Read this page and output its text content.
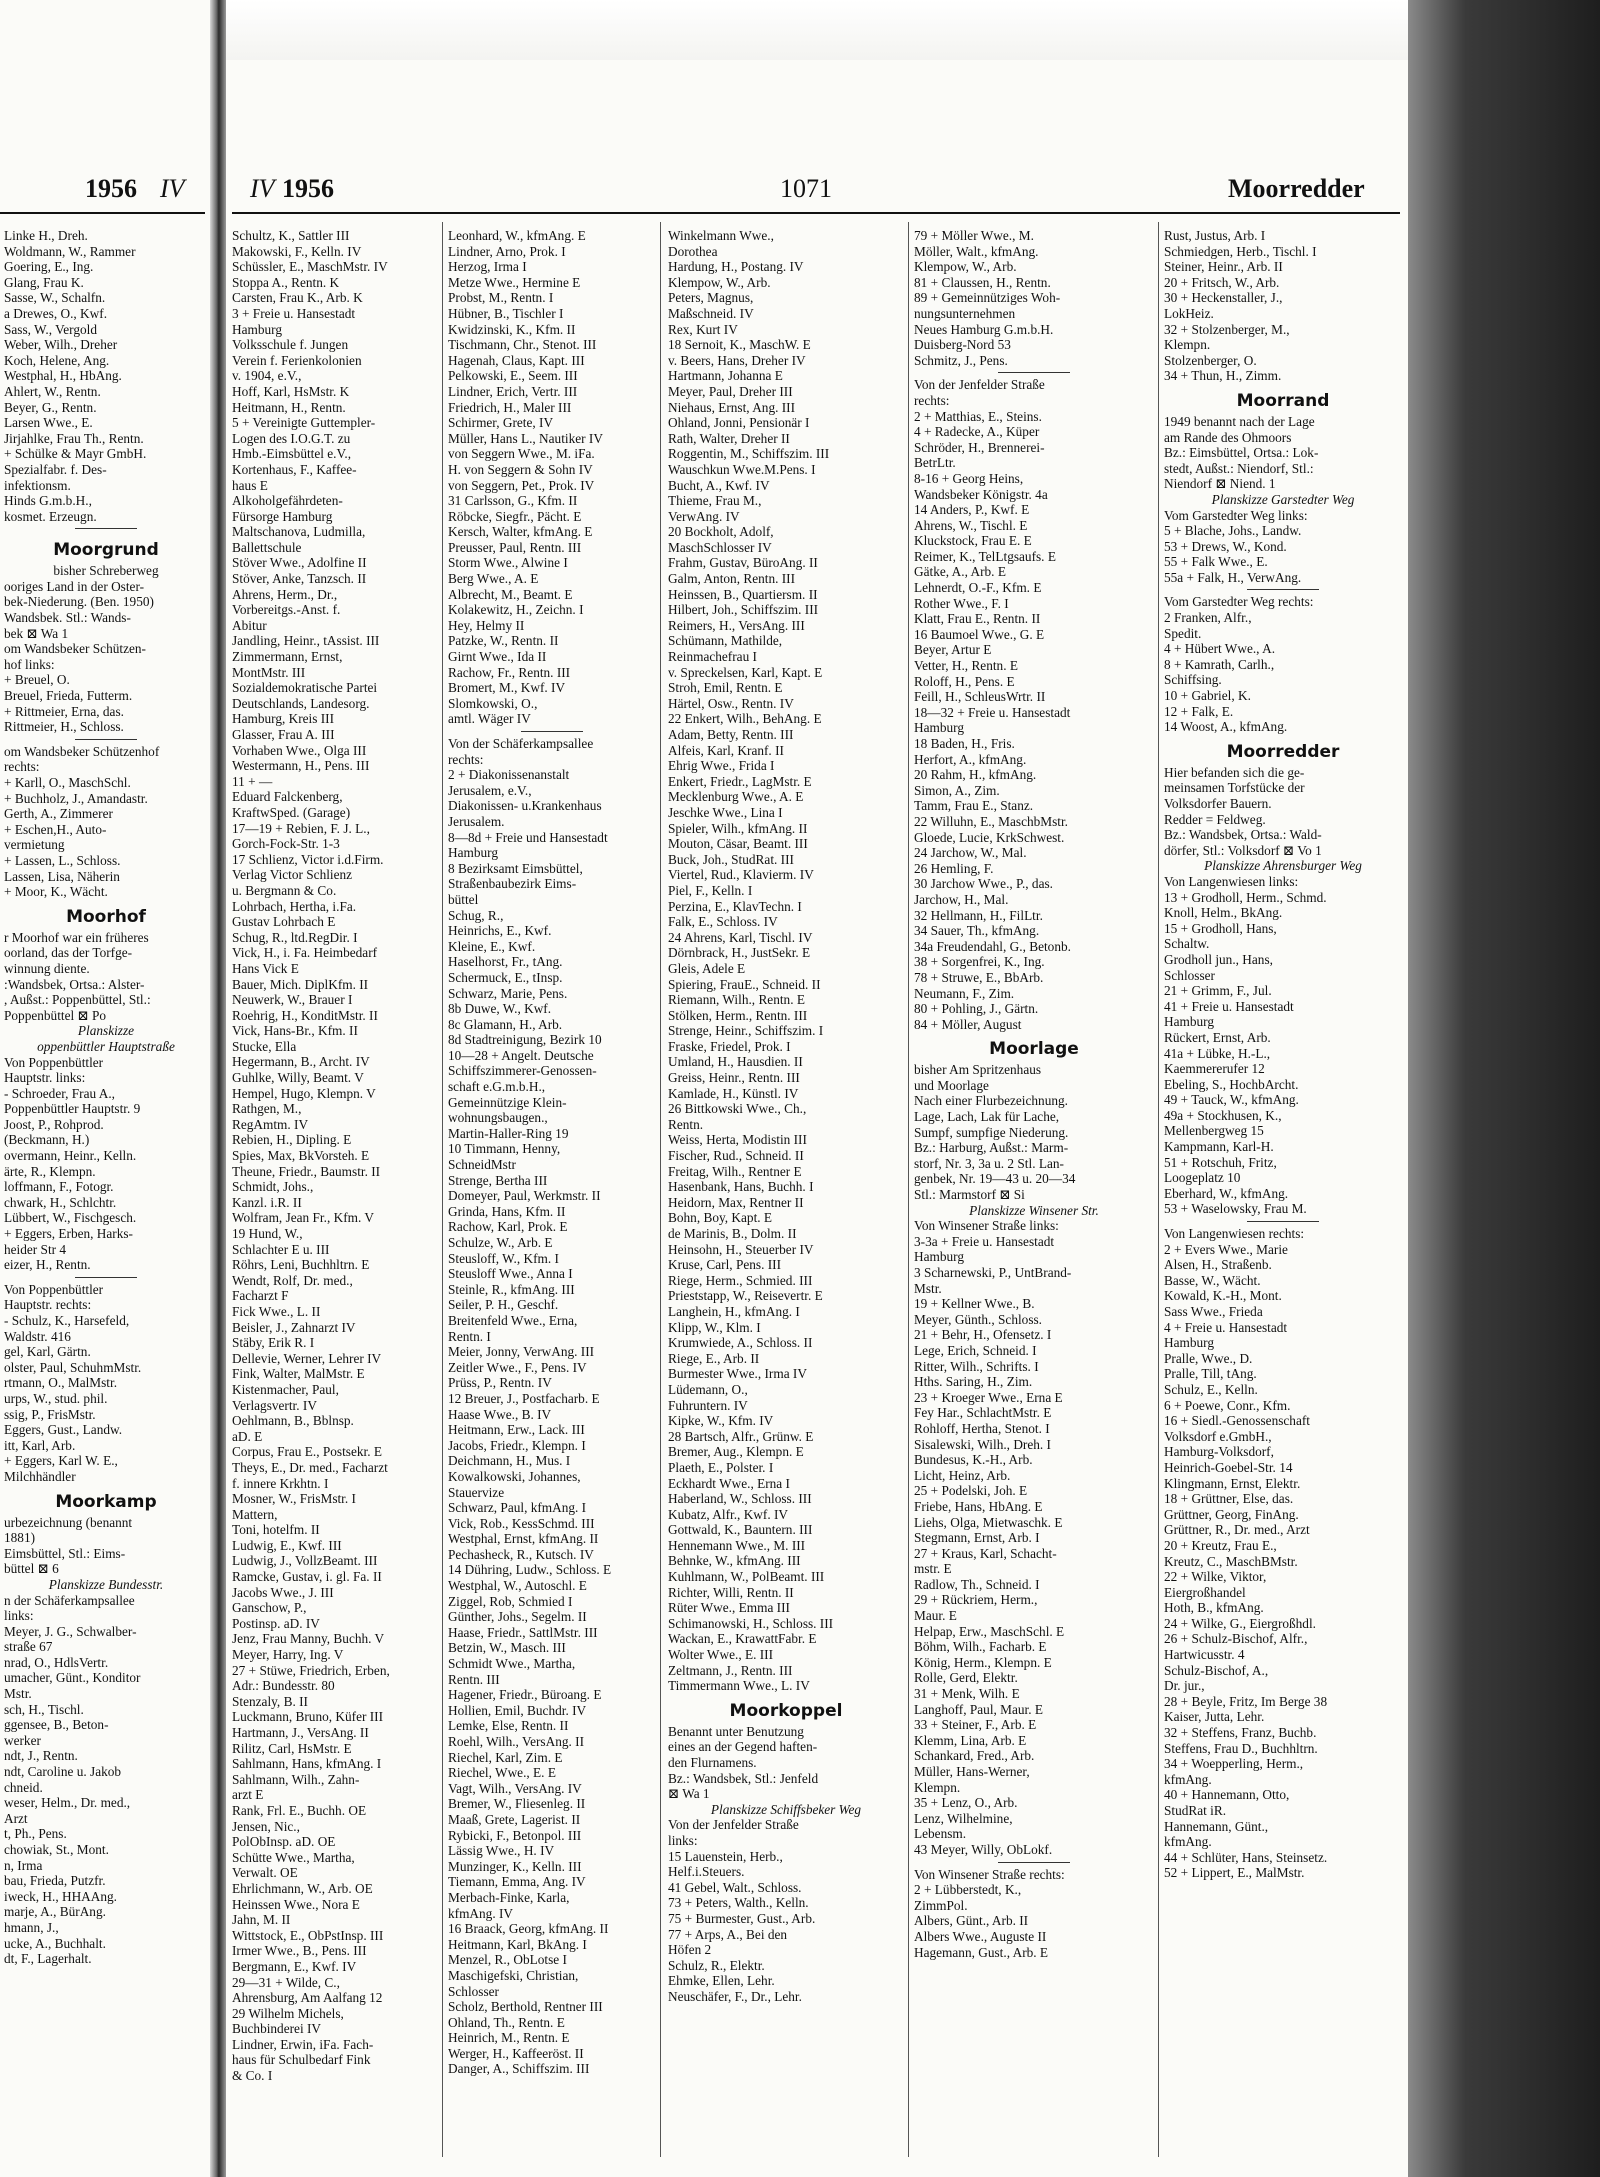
1956 IV
Linke H., Dreh.
Woldmann, W., Rammer
Goering, E., Ing.
Glang, Frau K.
Sasse, W., Schalfn.
a Drewes, O., Kwf.
Sass, W., Vergold
Weber, Wilh., Dreher
Koch, Helene, Ang.
Westphal, H., HbAng.
Ahlert, W., Rentn.
Beyer, G., Rentn.
Larsen Wwe., E.
Jirjahlke, Frau Th., Rentn.
+ Schülke & Mayr GmbH.
Spezialfabr. f. Des-
infektionsm.
Hinds G.m.b.H.,
kosmet. Erzeugn.
Moorgrund
bisher Schreberweg
ooriges Land in der Oster-
bek-Niederung. (Ben. 1950)
Wandsbek. Stl.: Wands-
bek ⊠ Wa 1
om Wandsbeker Schützen-
hof links:
+ Breuel, O.
Breuel, Frieda, Futterm.
+ Rittmeier, Erna, das.
Rittmeier, H., Schloss.
om Wandsbeker Schützenhof
rechts:
+ Karll, O., MaschSchl.
+ Buchholz, J., Amandastr.
Gerth, A., Zimmerer
+ Eschen,H., Auto-
vermietung
+ Lassen, L., Schloss.
Lassen, Lisa, Näherin
+ Moor, K., Wächt.
Moorhof
r Moorhof war ein früheres
oorland, das der Torfge-
winnung diente.
:Wandsbek, Ortsa.: Alster-
, Außst.: Poppenbüttel, Stl.:
Poppenbüttel ⊠ Po
Planskizze
oppenbüttler Hauptstraße
Von Poppenbüttler
Hauptstr. links:
- Schroeder, Frau A.,
Poppenbüttler Hauptstr. 9
Joost, P., Rohprod.
(Beckmann, H.)
overmann, Heinr., Kelln.
ärte, R., Klempn.
loffmann, F., Fotogr.
chwark, H., Schlchtr.
Lübbert, W., Fischgesch.
+ Eggers, Erben, Harks-
heider Str 4
eizer, H., Rentn.
Von Poppenbüttler
Hauptstr. rechts:
- Schulz, K., Harsefeld,
Waldstr. 416
gel, Karl, Gärtn.
olster, Paul, SchuhmMstr.
rtmann, O., MalMstr.
urps, W., stud. phil.
ssig, P., FrisMstr.
Eggers, Gust., Landw.
itt, Karl, Arb.
+ Eggers, Karl W. E.,
Milchhändler
Moorkamp
urbezeichnung (benannt
1881)
Eimsbüttel, Stl.: Eims-
büttel ⊠ 6
Planskizze Bundesstr.
n der Schäferkampsallee
links:
Meyer, J. G., Schwalber-
straße 67
nrad, O., HdlsVertr.
umacher, Günt., Konditor
Mstr.
sch, H., Tischl.
ggensee, B., Beton-
werker
ndt, J., Rentn.
ndt, Caroline u. Jakob
chneid.
weser, Helm., Dr. med.,
Arzt
t, Ph., Pens.
chowiak, St., Mont.
n, Irma
bau, Frieda, Putzfr.
iweck, H., HHAAng.
marje, A., BürAng.
hmann, J.,
ucke, A., Buchhalt.
dt, F., Lagerhalt.
IV 1956	1071	Moorredder
Schultz, K., Sattler III
Makowski, F., Kelln. IV
Schüssler, E., MaschMstr. IV
Stoppa A., Rentn. K
Carsten, Frau K., Arb. K
3 + Freie u. Hansestadt
Hamburg
Volksschule f. Jungen
Verein f. Ferienkolonien
v. 1904, e.V.,
Hoff, Karl, HsMstr. K
Heitmann, H., Rentn.
5 + Vereinigte Guttempler-
Logen des I.O.G.T. zu
Hmb.-Eimsbüttel e.V.,
Kortenhaus, F., Kaffee-
haus E
Alkoholgefährdeten-
Fürsorge Hamburg
Maltschanova, Ludmilla,
Ballettschule
Stöver Wwe., Adolfine II
Stöver, Anke, Tanzsch. II
Ahrens, Herm., Dr.,
Vorbereitgs.-Anst. f.
Abitur
Jandling, Heinr., tAssist. III
Zimmermann, Ernst,
MontMstr. III
Sozialdemokratische Partei
Deutschlands, Landesorg.
Hamburg, Kreis III
Glasser, Frau A. III
Vorhaben Wwe., Olga III
Westermann, H., Pens. III
11 + —
Eduard Falckenberg,
KraftwSped. (Garage)
17—19 + Rebien, F. J. L.,
Gorch-Fock-Str. 1-3
17 Schlienz, Victor i.d.Firm.
Verlag Victor Schlienz
u. Bergmann & Co.
Lohrbach, Hertha, i.Fa.
Gustav Lohrbach E
Schug, R., ltd.RegDir. I
Vick, H., i. Fa. Heimbedarf
Hans Vick E
Bauer, Mich. DiplKfm. II
Neuwerk, W., Brauer I
Roehrig, H., KonditMstr. II
Vick, Hans-Br., Kfm. II
Stucke, Ella
Hegermann, B., Archt. IV
Guhlke, Willy, Beamt. V
Hempel, Hugo, Klempn. V
Rathgen, M.,
RegAmtm. IV
Rebien, H., Dipling. E
Spies, Max, BkVorsteh. E
Theune, Friedr., Baumstr. II
Schmidt, Johs.,
Kanzl. i.R. II
Wolfram, Jean Fr., Kfm. V
19 Hund, W.,
Schlachter E u. III
Röhrs, Leni, Buchhltrn. E
Wendt, Rolf, Dr. med.,
Facharzt F
Fick Wwe., L. II
Beisler, J., Zahnarzt IV
Stäby, Erik R. I
Dellevie, Werner, Lehrer IV
Fink, Walter, MalMstr. E
Kistenmacher, Paul,
Verlagsvertr. IV
Oehlmann, B., Bblnsp.
aD. E
Corpus, Frau E., Postsekr. E
Theys, E., Dr. med., Facharzt
f. innere Krkhtn. I
Mosner, W., FrisMstr. I
Mattern,
Toni, hotelfm. II
Ludwig, E., Kwf. III
Ludwig, J., VollzBeamt. III
Ramcke, Gustav, i. gl. Fa. II
Jacobs Wwe., J. III
Ganschow, P.,
Postinsp. aD. IV
Jenz, Frau Manny, Buchh. V
Meyer, Harry, Ing. V
27 + Stüwe, Friedrich, Erben,
Adr.: Bundesstr. 80
Stenzaly, B. II
Luckmann, Bruno, Küfer III
Hartmann, J., VersAng. II
Rilitz, Carl, HsMstr. E
Sahlmann, Hans, kfmAng. I
Sahlmann, Wilh., Zahn-
arzt E
Rank, Frl. E., Buchh. OE
Jensen, Nic.,
PolObInsp. aD. OE
Schütte Wwe., Martha,
Verwalt. OE
Ehrlichmann, W., Arb. OE
Heinssen Wwe., Nora E
Jahn, M. II
Wittstock, E., ObPstInsp. III
Irmer Wwe., B., Pens. III
Bergmann, E., Kwf. IV
29—31 + Wilde, C.,
Ahrensburg, Am Aalfang 12
29 Wilhelm Michels,
Buchbinderei IV
Lindner, Erwin, iFa. Fach-
haus für Schulbedarf Fink
& Co. I
Leonhard, W., kfmAng. E
Lindner, Arno, Prok. I
Herzog, Irma I
Metze Wwe., Hermine E
Probst, M., Rentn. I
Hübner, B., Tischler I
Kwidzinski, K., Kfm. II
Tischmann, Chr., Stenot. III
Hagenah, Claus, Kapt. III
Pelkowski, E., Seem. III
Lindner, Erich, Vertr. III
Friedrich, H., Maler III
Schirmer, Grete, IV
Müller, Hans L., Nautiker IV
von Seggern Wwe., M. iFa.
H. von Seggern & Sohn IV
von Seggern, Pet., Prok. IV
31 Carlsson, G., Kfm. II
Röbcke, Siegfr., Pächt. E
Kersch, Walter, kfmAng. E
Preusser, Paul, Rentn. III
Storm Wwe., Alwine I
Berg Wwe., A. E
Albrecht, M., Beamt. E
Kolakewitz, H., Zeichn. I
Hey, Helmy II
Patzke, W., Rentn. II
Girnt Wwe., Ida II
Rachow, Fr., Rentn. III
Bromert, M., Kwf. IV
Slomkowski, O.,
amtl. Wäger IV
Von der Schäferkampsallee
rechts:
2 + Diakonissenanstalt
Jerusalem, e.V.,
Diakonissen- u.Krankenhaus
Jerusalem.
8—8d + Freie und Hansestadt
Hamburg
8 Bezirksamt Eimsbüttel,
Straßenbaubezirk Eims-
büttel
Schug, R.,
Heinrichs, E., Kwf.
Kleine, E., Kwf.
Haselhorst, Fr., tAng.
Schermuck, E., tInsp.
Schwarz, Marie, Pens.
8b Duwe, W., Kwf.
8c Glamann, H., Arb.
8d Stadtreinigung, Bezirk 10
10—28 + Angelt. Deutsche
Schiffszimmerer-Genossen-
schaft e.G.m.b.H.,
Gemeinnützige Klein-
wohnungsbaugen.,
Martin-Haller-Ring 19
10 Timmann, Henny,
SchneidMstr
Strenge, Bertha III
Domeyer, Paul, Werkmstr. II
Grinda, Hans, Kfm. II
Rachow, Karl, Prok. E
Schulze, W., Arb. E
Steusloff, W., Kfm. I
Steusloff Wwe., Anna I
Steinle, R., kfmAng. III
Seiler, P. H., Geschf.
Breitenfeld Wwe., Erna,
Rentn. I
Meier, Jonny, VerwAng. III
Zeitler Wwe., F., Pens. IV
Prüss, P., Rentn. IV
12 Breuer, J., Postfacharb. E
Haase Wwe., B. IV
Heitmann, Erw., Lack. III
Jacobs, Friedr., Klempn. I
Deichmann, H., Mus. I
Kowalkowski, Johannes,
Stauervize
Schwarz, Paul, kfmAng. I
Vick, Rob., KessSchmd. III
Westphal, Ernst, kfmAng. II
Pechasheck, R., Kutsch. IV
14 Dühring, Ludw., Schloss. E
Westphal, W., Autoschl. E
Ziggel, Rob, Schmied I
Günther, Johs., Segelm. II
Haase, Friedr., SattlMstr. III
Betzin, W., Masch. III
Schmidt Wwe., Martha,
Rentn. III
Hagener, Friedr., Büroang. E
Hollien, Emil, Buchdr. IV
Lemke, Else, Rentn. II
Roehl, Wilh., VersAng. II
Riechel, Karl, Zim. E
Riechel, Wwe., E. E
Vagt, Wilh., VersAng. IV
Bremer, W., Fliesenleg. II
Maaß, Grete, Lagerist. II
Rybicki, F., Betonpol. III
Lässig Wwe., H. IV
Munzinger, K., Kelln. III
Tiemann, Emma, Ang. IV
Merbach-Finke, Karla,
kfmAng. IV
16 Braack, Georg, kfmAng. II
Heitmann, Karl, BkAng. I
Menzel, R., ObLotse I
Maschigefski, Christian,
Schlosser
Scholz, Berthold, Rentner III
Ohland, Th., Rentn. E
Heinrich, M., Rentn. E
Werger, H., Kaffeeröst. II
Danger, A., Schiffszim. III
Winkelmann Wwe.,
Dorothea
Hardung, H., Postang. IV
Klempow, W., Arb.
Peters, Magnus,
Maßschneid. IV
Rex, Kurt IV
18 Sernoit, K., MaschW. E
v. Beers, Hans, Dreher IV
Hartmann, Johanna E
Meyer, Paul, Dreher III
Niehaus, Ernst, Ang. III
Ohland, Jonni, Pensionär I
Rath, Walter, Dreher II
Roggentin, M., Schiffszim. III
Wauschkun Wwe.M.Pens. I
Bucht, A., Kwf. IV
Thieme, Frau M.,
VerwAng. IV
20 Bockholt, Adolf,
MaschSchlosser IV
Frahm, Gustav, BüroAng. II
Galm, Anton, Rentn. III
Heinssen, B., Quartiersm. II
Hilbert, Joh., Schiffszim. III
Reimers, H., VersAng. III
Schümann, Mathilde,
Reinmachefrau I
v. Spreckelsen, Karl, Kapt. E
Stroh, Emil, Rentn. E
Härtel, Osw., Rentn. IV
22 Enkert, Wilh., BehAng. E
Adam, Betty, Rentn. III
Alfeis, Karl, Kranf. II
Ehrig Wwe., Frida I
Enkert, Friedr., LagMstr. E
Mecklenburg Wwe., A. E
Jeschke Wwe., Lina I
Spieler, Wilh., kfmAng. II
Mouton, Cäsar, Beamt. III
Buck, Joh., StudRat. III
Viertel, Rud., Klavierm. IV
Piel, F., Kelln. I
Perzina, E., KlavTechn. I
Falk, E., Schloss. IV
24 Ahrens, Karl, Tischl. IV
Dörnbrack, H., JustSekr. E
Gleis, Adele E
Spiering, FrauE., Schneid. II
Riemann, Wilh., Rentn. E
Stölken, Herm., Rentn. III
Strenge, Heinr., Schiffszim. I
Fraske, Friedel, Prok. I
Umland, H., Hausdien. II
Greiss, Heinr., Rentn. III
Kamlade, H., Künstl. IV
26 Bittkowski Wwe., Ch.,
Rentn.
Weiss, Herta, Modistin III
Fischer, Rud., Schneid. II
Freitag, Wilh., Rentner E
Hasenbank, Hans, Buchh. I
Heidorn, Max, Rentner II
Bohn, Boy, Kapt. E
de Marinis, B., Dolm. II
Heinsohn, H., Steuerber IV
Kruse, Carl, Pens. III
Riege, Herm., Schmied. III
Prieststapp, W., Reisevertr. E
Langhein, H., kfmAng. I
Klipp, W., Klm. I
Krumwiede, A., Schloss. II
Riege, E., Arb. II
Burmester Wwe., Irma IV
Lüdemann, O.,
Fuhruntern. IV
Kipke, W., Kfm. IV
28 Bartsch, Alfr., Grünw. E
Bremer, Aug., Klempn. E
Plaeth, E., Polster. I
Eckhardt Wwe., Erna I
Haberland, W., Schloss. III
Kubatz, Alfr., Kwf. IV
Gottwald, K., Bauntern. III
Hennemann Wwe., M. III
Behnke, W., kfmAng. III
Kuhlmann, W., PolBeamt. III
Richter, Willi, Rentn. II
Rüter Wwe., Emma III
Schimanowski, H., Schloss. III
Wackan, E., KrawattFabr. E
Wolter Wwe., E. III
Zeltmann, J., Rentn. III
Timmermann Wwe., L. IV
Moorkoppel
Benannt unter Benutzung
eines an der Gegend haften-
den Flurnamens.
Bz.: Wandsbek, Stl.: Jenfeld
⊠ Wa 1
Planskizze Schiffsbeker Weg
Von der Jenfelder Straße
links:
15 Lauenstein, Herb.,
Helf.i.Steuers.
41 Gebel, Walt., Schloss.
73 + Peters, Walth., Kelln.
75 + Burmester, Gust., Arb.
77 + Arps, A., Bei den
Höfen 2
Schulz, R., Elektr.
Ehmke, Ellen, Lehr.
Neuschäfer, F., Dr., Lehr.
79 + Möller Wwe., M.
Möller, Walt., kfmAng.
Klempow, W., Arb.
81 + Claussen, H., Rentn.
89 + Gemeinnütziges Woh-
nungsunternehmen
Neues Hamburg G.m.b.H.
Duisberg-Nord 53
Schmitz, J., Pens.
Von der Jenfelder Straße
rechts:
2 + Matthias, E., Steins.
4 + Radecke, A., Küper
Schröder, H., Brennerei-
BetrLtr.
8-16 + Georg Heins,
Wandsbeker Königstr. 4a
14 Anders, P., Kwf. E
Ahrens, W., Tischl. E
Kluckstock, Frau E. E
Reimer, K., TelLtgsaufs. E
Gätke, A., Arb. E
Lehnerdt, O.-F., Kfm. E
Rother Wwe., F. I
Klatt, Frau E., Rentn. II
16 Baumoel Wwe., G. E
Beyer, Artur E
Vetter, H., Rentn. E
Roloff, H., Pens. E
Feill, H., SchleusWrtr. II
18—32 + Freie u. Hansestadt
Hamburg
18 Baden, H., Fris.
Herfort, A., kfmAng.
20 Rahm, H., kfmAng.
Simon, A., Zim.
Tamm, Frau E., Stanz.
22 Willuhn, E., MaschbMstr.
Gloede, Lucie, KrkSchwest.
24 Jarchow, W., Mal.
26 Hemling, F.
30 Jarchow Wwe., P., das.
Jarchow, H., Mal.
32 Hellmann, H., FilLtr.
34 Sauer, Th., kfmAng.
34a Freudendahl, G., Betonb.
38 + Sorgenfrei, K., Ing.
78 + Struwe, E., BbArb.
Neumann, F., Zim.
80 + Pohling, J., Gärtn.
84 + Möller, August
Moorlage
bisher Am Spritzenhaus
und Moorlage
Nach einer Flurbezeichnung.
Lage, Lach, Lak für Lache,
Sumpf, sumpfige Niederung.
Bz.: Harburg, Außst.: Marm-
storf, Nr. 3, 3a u. 2 Stl. Lan-
genbek, Nr. 19—43 u. 20—34
Stl.: Marmstorf ⊠ Si
Planskizze Winsener Str.
Von Winsener Straße links:
3-3a + Freie u. Hansestadt
Hamburg
3 Scharnewski, P., UntBrand-
Mstr.
19 + Kellner Wwe., B.
Meyer, Günth., Schloss.
21 + Behr, H., Ofensetz. I
Lege, Erich, Schneid. I
Ritter, Wilh., Schrifts. I
Hths. Saring, H., Zim.
23 + Kroeger Wwe., Erna E
Fey Har., SchlachtMstr. E
Rohloff, Hertha, Stenot. I
Sisalewski, Wilh., Dreh. I
Bundesus, K.-H., Arb.
Licht, Heinz, Arb.
25 + Podelski, Joh. E
Friebe, Hans, HbAng. E
Liehs, Olga, Mietwaschk. E
Stegmann, Ernst, Arb. I
27 + Kraus, Karl, Schacht-
mstr. E
Radlow, Th., Schneid. I
29 + Rückriem, Herm.,
Maur. E
Helpap, Erw., MaschSchl. E
Böhm, Wilh., Facharb. E
König, Herm., Klempn. E
Rolle, Gerd, Elektr.
31 + Menk, Wilh. E
Langhoff, Paul, Maur. E
33 + Steiner, F., Arb. E
Klemm, Lina, Arb. E
Schankard, Fred., Arb.
Müller, Hans-Werner,
Klempn.
35 + Lenz, O., Arb.
Lenz, Wilhelmine,
Lebensm.
43 Meyer, Willy, ObLokf.
Von Winsener Straße rechts:
2 + Lübberstedt, K.,
ZimmPol.
Albers, Günt., Arb. II
Albers Wwe., Auguste II
Hagemann, Gust., Arb. E
Rust, Justus, Arb. I
Schmiedgen, Herb., Tischl. I
Steiner, Heinr., Arb. II
20 + Fritsch, W., Arb.
30 + Heckenstaller, J.,
LokHeiz.
32 + Stolzenberger, M.,
Klempn.
Stolzenberger, O.
34 + Thun, H., Zimm.
Moorrand
1949 benannt nach der Lage
am Rande des Ohmoors
Bz.: Eimsbüttel, Ortsa.: Lok-
stedt, Außst.: Niendorf, Stl.:
Niendorf ⊠ Niend. 1
Planskizze Garstedter Weg
Vom Garstedter Weg links:
5 + Blache, Johs., Landw.
53 + Drews, W., Kond.
55 + Falk Wwe., E.
55a + Falk, H., VerwAng.
Vom Garstedter Weg rechts:
2 Franken, Alfr.,
Spedit.
4 + Hübert Wwe., A.
8 + Kamrath, Carlh.,
Schiffsing.
10 + Gabriel, K.
12 + Falk, E.
14 Woost, A., kfmAng.
Moorredder
Hier befanden sich die ge-
meinsamen Torfstücke der
Volksdorfer Bauern.
Redder = Feldweg.
Bz.: Wandsbek, Ortsa.: Wald-
dörfer, Stl.: Volksdorf ⊠ Vo 1
Planskizze Ahrensburger Weg
Von Langenwiesen links:
13 + Grodholl, Herm., Schmd.
Knoll, Helm., BkAng.
15 + Grodholl, Hans,
Schaltw.
Grodholl jun., Hans,
Schlosser
21 + Grimm, F., Jul.
41 + Freie u. Hansestadt
Hamburg
Rückert, Ernst, Arb.
41a + Lübke, H.-L.,
Kaemmererufer 12
Ebeling, S., HochbArcht.
49 + Tauck, W., kfmAng.
49a + Stockhusen, K.,
Mellenbergweg 15
Kampmann, Karl-H.
51 + Rotschuh, Fritz,
Loogeplatz 10
Eberhard, W., kfmAng.
53 + Waselowsky, Frau M.
Von Langenwiesen rechts:
2 + Evers Wwe., Marie
Alsen, H., Straßenb.
Basse, W., Wächt.
Kowald, K.-H., Mont.
Sass Wwe., Frieda
4 + Freie u. Hansestadt
Hamburg
Pralle, Wwe., D.
Pralle, Till, tAng.
Schulz, E., Kelln.
6 + Poewe, Conr., Kfm.
16 + Siedl.-Genossenschaft
Volksdorf e.GmbH.,
Hamburg-Volksdorf,
Heinrich-Goebel-Str. 14
Klingmann, Ernst, Elektr.
18 + Grüttner, Else, das.
Grüttner, Georg, FinAng.
Grüttner, R., Dr. med., Arzt
20 + Kreutz, Frau E.,
Kreutz, C., MaschBMstr.
22 + Wilke, Viktor,
Eiergroßhandel
Hoth, B., kfmAng.
24 + Wilke, G., Eiergroßhdl.
26 + Schulz-Bischof, Alfr.,
Hartwicusstr. 4
Schulz-Bischof, A.,
Dr. jur.,
28 + Beyle, Fritz, Im Berge 38
Kaiser, Jutta, Lehr.
32 + Steffens, Franz, Buchb.
Steffens, Frau D., Buchhltrn.
34 + Woepperling, Herm.,
kfmAng.
40 + Hannemann, Otto,
StudRat iR.
Hannemann, Günt.,
kfmAng.
44 + Schlüter, Hans, Steinsetz.
52 + Lippert, E., MalMstr.
